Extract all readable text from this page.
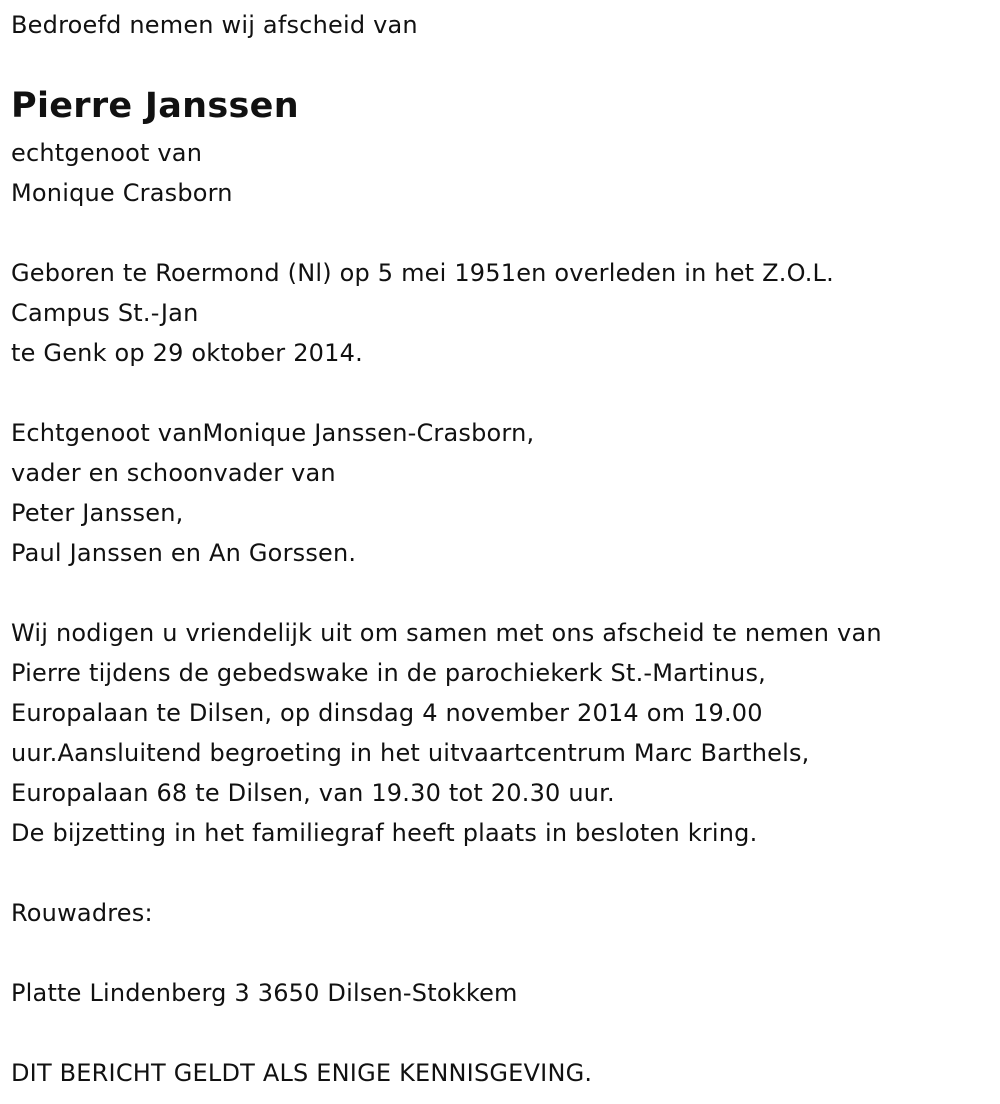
Bedroefd nemen wij afscheid van
Pierre Janssen
echtgenoot van
Monique Crasborn
Geboren te Roermond (Nl) op 5 mei 1951en overleden in het Z.O.L.
Campus St.-Jan
te Genk op 29 oktober 2014.
Echtgenoot vanMonique Janssen-Crasborn,
vader en schoonvader van
Peter Janssen,
Paul Janssen en An Gorssen.
Wij nodigen u vriendelijk uit om samen met ons afscheid te nemen van
Pierre tijdens de gebedswake in de parochiekerk St.-Martinus,
Europalaan te Dilsen, op dinsdag 4 november 2014 om 19.00
uur.Aansluitend begroeting in het uitvaartcentrum Marc Barthels,
Europalaan 68 te Dilsen, van 19.30 tot 20.30 uur.
De bijzetting in het familiegraf heeft plaats in besloten kring.
Rouwadres:
Platte Lindenberg 3 3650 Dilsen-Stokkem
DIT BERICHT GELDT ALS ENIGE KENNISGEVING.
